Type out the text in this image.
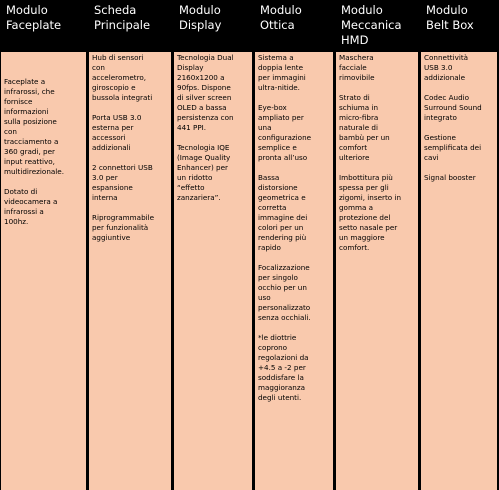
Modulo
Faceplate

Faceplate a
infrarossi, che
fornisce
informazioni
sulla posizione
con
tracciamento a
360 gradi, per
input reattivo,
multidirezionale.

Dotato di
videocamera a
infrarossi a
100hz.

Scheda
Principale

Hub di sensori
con
accelerometro,
giroscopio e
bussola integrati

Porta USB 3.0
esterna per
accessori
addizionali

2 connettori USB
3.0 per
espansione
interna

Riprogrammabile
per funzionalità
aggiuntive

Modulo
Display

Tecnologia Dual
Display
2160x1200 a
90fps. Dispone
di silver screen
OLED a bassa
persistenza con
441 PPI.

Tecnologia IQE
(Image Quality
Enhancer) per
un ridotto
“effetto
zanzariera”.

Modulo
Ottica

Sistema a
doppia lente
per immagini
ultra-nitide.

Eye-box
ampliato per
una
configurazione
semplice e
pronta all’uso

Bassa
distorsione
geometrica e
corretta
immagine dei
colori per un
rendering più
rapido

Focalizzazione
per singolo
occhio per un
uso
personalizzato
senza occhiali.

*le diottrie
coprono
regolazioni da
+4.5 a -2 per
soddisfare la
maggioranza
degli utenti.

Modulo
Meccanica
HMD

Maschera
facciale
rimovibile

Strato di
schiuma in
micro-fibra
naturale di
bambù per un
comfort
ulteriore

Imbottitura più
spessa per gli
zigomi, inserto in
gomma a
protezione del
setto nasale per
un maggiore
comfort.

Modulo
Belt Box

Connettività
USB 3.0
addizionale

Codec Audio
Surround Sound
integrato

Gestione
semplificata dei
cavi

Signal booster
